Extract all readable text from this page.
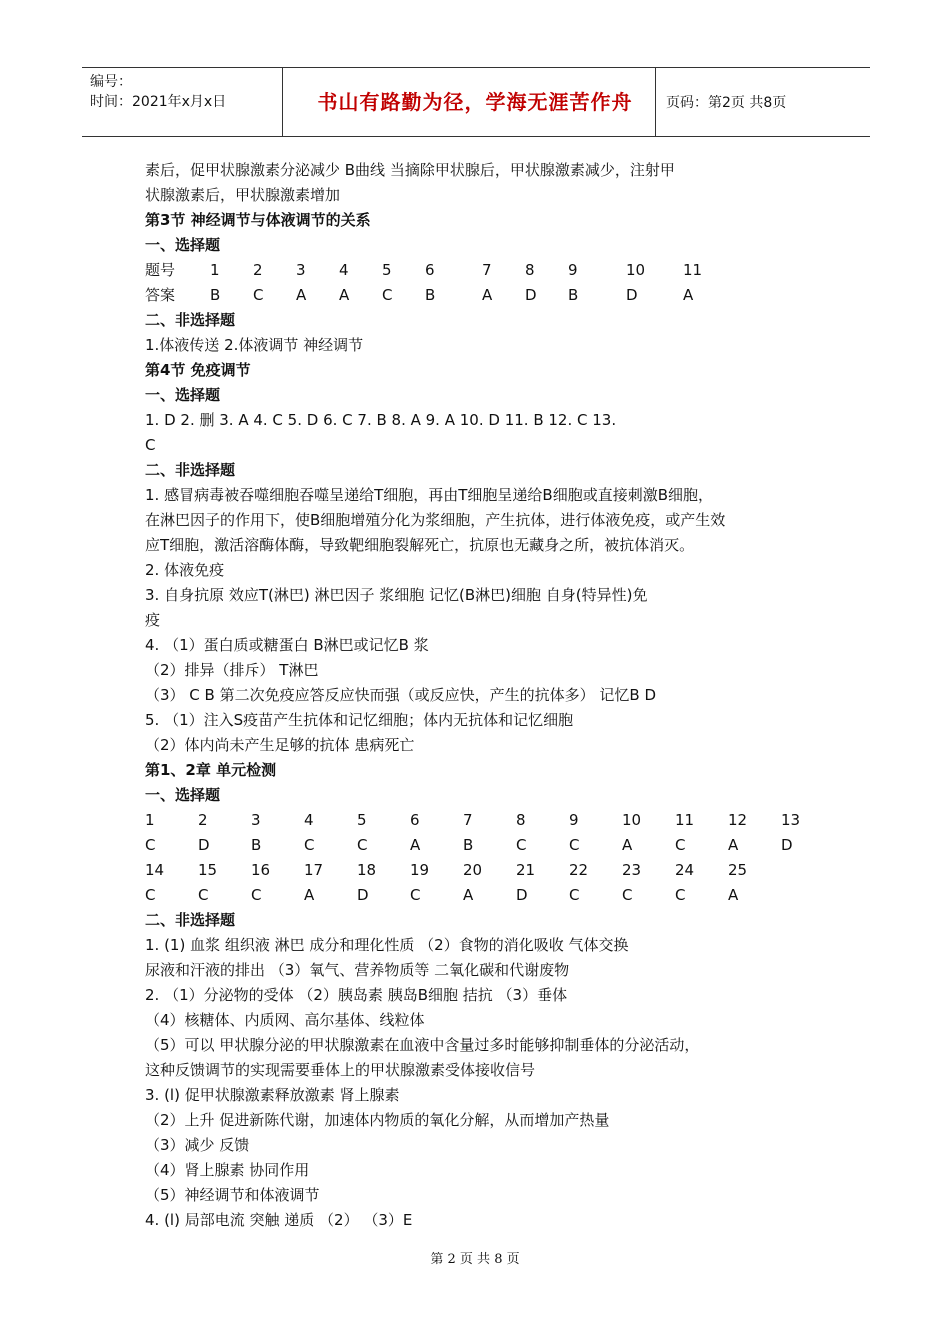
编号：
时间：2021年x月x日	书山有路勤为径，学海无涯苦作舟	页码：第2页 共8页
素后，促甲状腺激素分泌减少 B曲线 当摘除甲状腺后，甲状腺激素减少，注射甲
状腺激素后，甲状腺激素增加
第3节 神经调节与体液调节的关系
一、选择题
题号 1 2 3 4 5 6	7 8 9	10	11
答案 B C A A C B	A D B	D	A
二、非选择题
1.体液传送 2.体液调节 神经调节
第4节 免疫调节
一、选择题
1. D 2. 删 3. A 4. C 5. D 6. C 7. B 8. A 9. A 10. D 11. B 12. C 13.
C
二、非选择题
1. 感冒病毒被吞噬细胞吞噬呈递给T细胞，再由T细胞呈递给B细胞或直接刺激B细胞，
在淋巴因子的作用下，使B细胞增殖分化为浆细胞，产生抗体，进行体液免疫，或产生效
应T细胞，激活溶酶体酶，导致靶细胞裂解死亡，抗原也无藏身之所，被抗体消灭。
2. 体液免疫
3. 自身抗原 效应T(淋巴) 淋巴因子 浆细胞 记忆(B淋巴)细胞 自身(特异性)免
疫
4. （1）蛋白质或糖蛋白 B淋巴或记忆B 浆
（2）排异（排斥） T淋巴
（3） C B 第二次免疫应答反应快而强（或反应快，产生的抗体多） 记忆B D
5. （1）注入S疫苗产生抗体和记忆细胞；体内无抗体和记忆细胞
（2）体内尚未产生足够的抗体 患病死亡
第1、2章 单元检测
一、选择题
1	2	3	4	5	6	7	8	9	10 11 12 13
C	D	B	C	C	A	B	C	C	A	C	A	D
14 15 16 17 18 19 20 21 22 23 24 25
C	C	C	A	D	C	A	D	C	C	C	A
二、非选择题
1. (1) 血浆 组织液 淋巴 成分和理化性质 （2）食物的消化吸收 气体交换
尿液和汗液的排出 （3）氧气、营养物质等 二氧化碳和代谢废物
2. （1）分泌物的受体 （2）胰岛素 胰岛B细胞 拮抗 （3）垂体
（4）核糖体、内质网、高尔基体、线粒体
（5）可以 甲状腺分泌的甲状腺激素在血液中含量过多时能够抑制垂体的分泌活动，
这种反馈调节的实现需要垂体上的甲状腺激素受体接收信号
3. (l) 促甲状腺激素释放激素 肾上腺素
（2）上升 促进新陈代谢，加速体内物质的氧化分解，从而增加产热量
（3）减少 反馈
（4）肾上腺素 协同作用
（5）神经调节和体液调节
4. (l) 局部电流 突触 递质 （2） （3）E
第 2 页 共 8 页
